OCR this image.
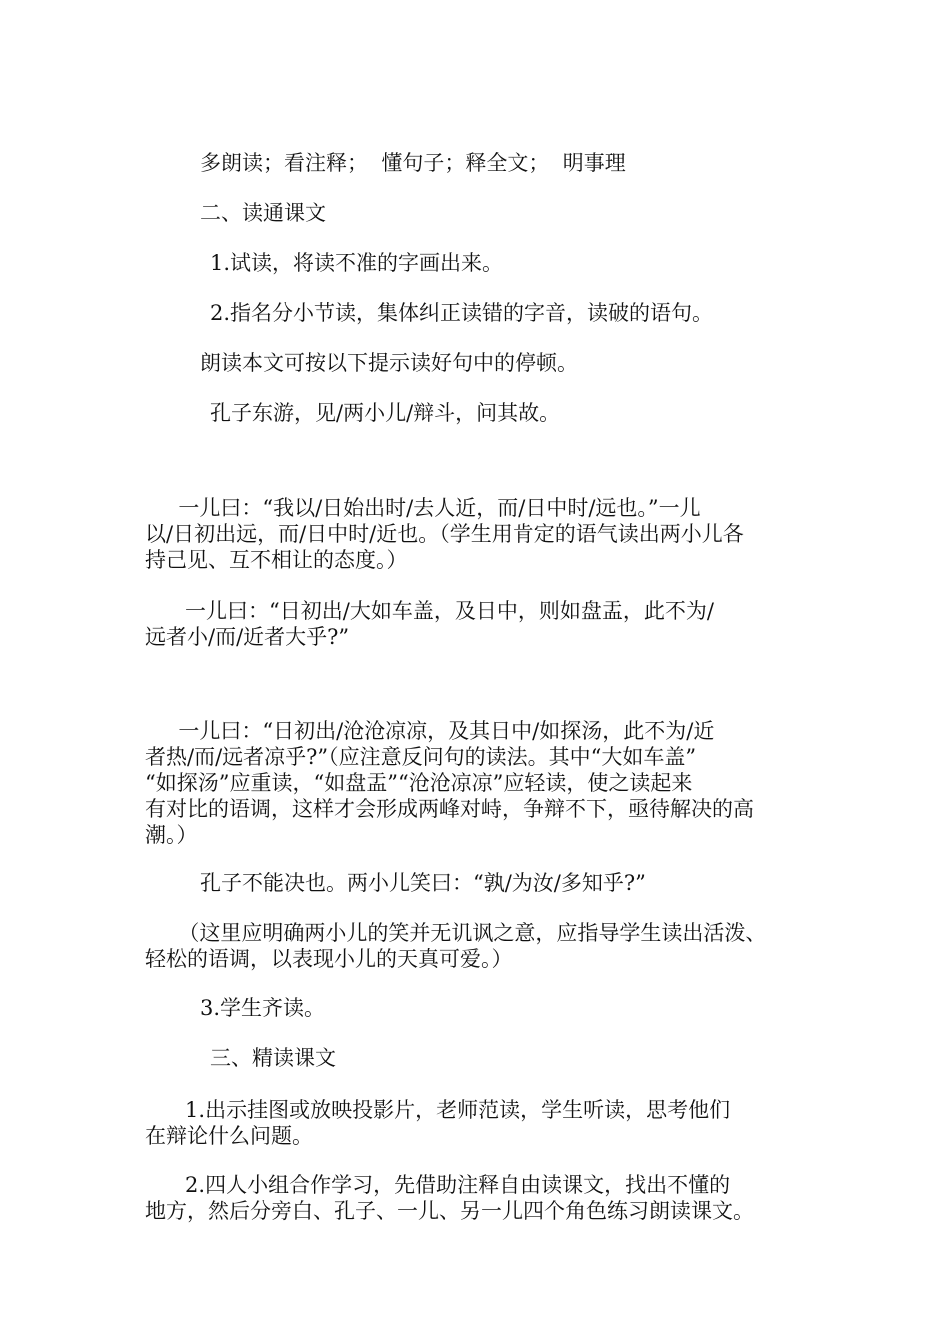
多朗读；看注释；  懂句子；释全文；  明事理
二、读通课文
1.试读，将读不准的字画出来。
2.指名分小节读，集体纠正读错的字音，读破的语句。
朗读本文可按以下提示读好句中的停顿。
孔子东游，见/两小儿/辩斗，问其故。
一儿曰：“我以/日始出时/去人近，而/日中时/远也。”一儿
以/日初出远，而/日中时/近也。（学生用肯定的语气读出两小儿各
持己见、互不相让的态度。）
一儿曰：“日初出/大如车盖，及日中，则如盘盂，此不为/
远者小/而/近者大乎?”
一儿曰：“日初出/沧沧凉凉，及其日中/如探汤，此不为/近
者热/而/远者凉乎?”（应注意反问句的读法。其中“大如车盖”
“如探汤”应重读，“如盘盂”“沧沧凉凉”应轻读，使之读起来
有对比的语调，这样才会形成两峰对峙，争辩不下，亟待解决的高
潮。）
孔子不能决也。两小儿笑曰：“孰/为汝/多知乎?”
（这里应明确两小儿的笑并无讥讽之意，应指导学生读出活泼、
轻松的语调，以表现小儿的天真可爱。）
3.学生齐读。
三、精读课文
1.出示挂图或放映投影片，老师范读，学生听读，思考他们
在辩论什么问题。
2.四人小组合作学习，先借助注释自由读课文，找出不懂的
地方，然后分旁白、孔子、一儿、另一儿四个角色练习朗读课文。
